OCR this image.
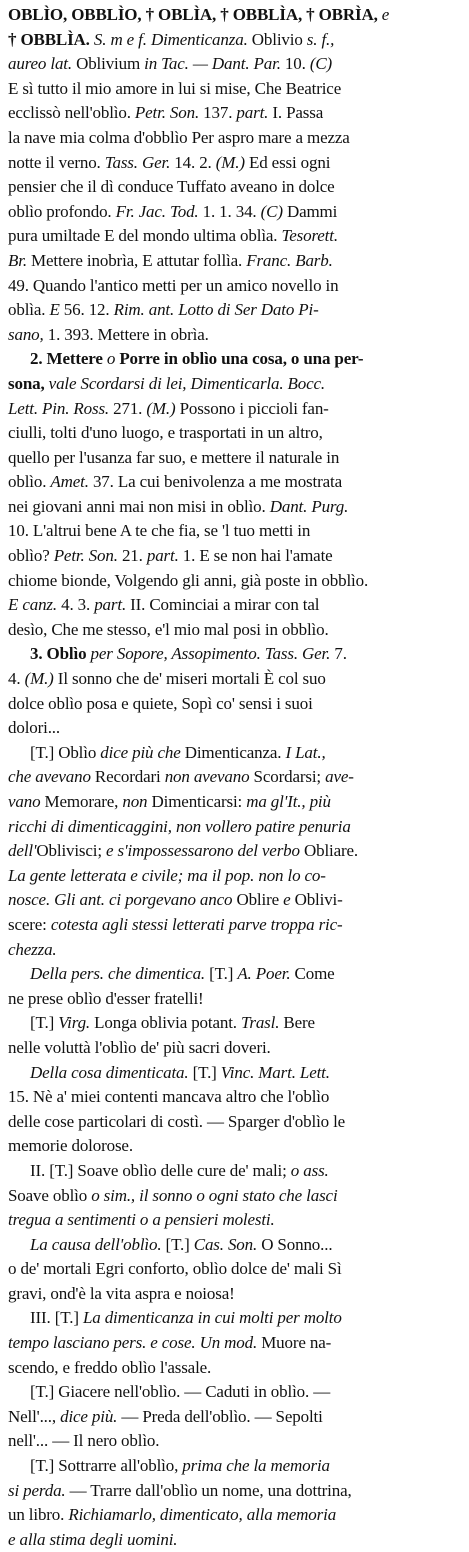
OBLÌO, OBBLÌO, † OBLÌA, † OBBLÌA, † OBRÌA, e
† OBBLÌA. S. m e f. Dimenticanza. Oblivio s. f.,
aureo lat. Oblivium in Tac. — Dant. Par. 10. (C)
E sì tutto il mio amore in lui si mise, Che Beatrice
ecclissò nell'oblìo. Petr. Son. 137. part. I. Passa
la nave mia colma d'obblìo Per aspro mare a mezza
notte il verno. Tass. Ger. 14. 2. (M.) Ed essi ogni
pensier che il dì conduce Tuffato aveano in dolce
oblìo profondo. Fr. Jac. Tod. 1. 1. 34. (C) Dammi
pura umiltade E del mondo ultima oblìa. Tesorett.
Br. Mettere inobrìa, E attutar follìa. Franc. Barb.
49. Quando l'antico metti per un amico novello in
oblìa. E 56. 12. Rim. ant. Lotto di Ser Dato Pi-
sano, 1. 393. Mettere in obrìa.
2. Mettere o Porre in oblìo una cosa, o una per-
sona, vale Scordarsi di lei, Dimenticarla. Bocc.
Lett. Pin. Ross. 271. (M.) Possono i piccioli fan-
ciulli, tolti d'uno luogo, e trasportati in un altro,
quello per l'usanza far suo, e mettere il naturale in
oblìo. Amet. 37. La cui benivolenza a me mostrata
nei giovani anni mai non misi in oblìo. Dant. Purg.
10. L'altrui bene A te che fia, se 'l tuo metti in
oblìo? Petr. Son. 21. part. 1. E se non hai l'amate
chiome bionde, Volgendo gli anni, già poste in obblìo.
E canz. 4. 3. part. II. Cominciai a mirar con tal
desìo, Che me stesso, e'l mio mal posi in obblìo.
3. Oblìo per Sopore, Assopimento. Tass. Ger. 7.
4. (M.) Il sonno che de' miseri mortali È col suo
dolce oblìo posa e quiete, Sopì co' sensi i suoi
dolori...
[T.] Oblìo dice più che Dimenticanza. I Lat.,
che avevano Recordari non avevano Scordarsi; ave-
vano Memorare, non Dimenticarsi: ma gl'It., più
ricchi di dimenticaggini, non vollero patire penuria
dell'Oblivisci; e s'impossessarono del verbo Obliare.
La gente letterata e civile; ma il pop. non lo co-
nosce. Gli ant. ci porgevano anco Oblire e Oblivi-
scere: cotesta agli stessi letterati parve troppa ric-
chezza.
Della pers. che dimentica. [T.] A. Poer. Come
ne prese oblìo d'esser fratelli!
[T.] Virg. Longa oblivia potant. Trasl. Bere
nelle voluttà l'oblìo de' più sacri doveri.
Della cosa dimenticata. [T.] Vinc. Mart. Lett.
15. Nè a' miei contenti mancava altro che l'oblìo
delle cose particolari di costì. — Sparger d'oblìo le
memorie dolorose.
II. [T.] Soave oblìo delle cure de' mali; o ass.
Soave oblìo o sim., il sonno o ogni stato che lasci
tregua a sentimenti o a pensieri molesti.
La causa dell'oblìo. [T.] Cas. Son. O Sonno...
o de' mortali Egri conforto, oblìo dolce de' mali Sì
gravi, ond'è la vita aspra e noiosa!
III. [T.] La dimenticanza in cui molti per molto
tempo lasciano pers. e cose. Un mod. Muore na-
scendo, e freddo oblìo l'assale.
[T.] Giacere nell'oblìo. — Caduti in oblìo. —
Nell'..., dice più. — Preda dell'oblìo. — Sepolti
nell'... — Il nero oblìo.
[T.] Sottrarre all'oblìo, prima che la memoria
si perda. — Trarre dall'oblìo un nome, una dottrina,
un libro. Richiamarlo, dimenticato, alla memoria
e alla stima degli uomini.
